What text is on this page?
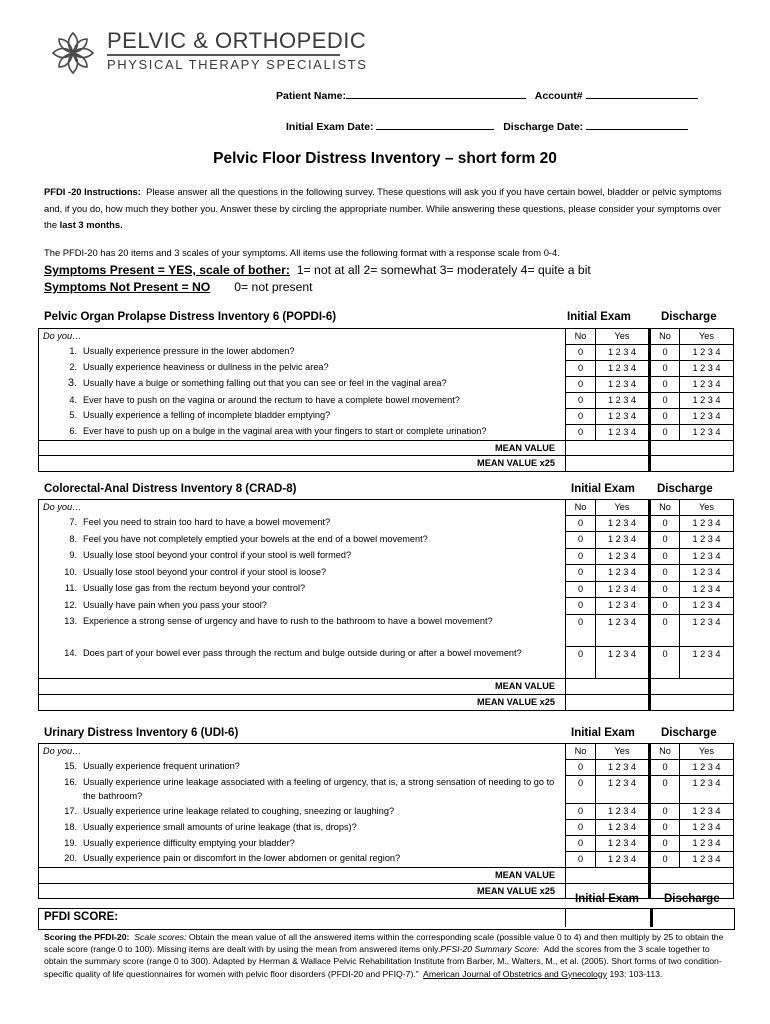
PELVIC & ORTHOPEDIC
PHYSICAL THERAPY SPECIALISTS
Patient Name:	Account#
Initial Exam Date:	Discharge Date:
Pelvic Floor Distress Inventory – short form 20
PFDI -20 Instructions: Please answer all the questions in the following survey. These questions will ask you if you have certain bowel, bladder or pelvic symptoms and, if you do, how much they bother you. Answer these by circling the appropriate number. While answering these questions, please consider your symptoms over the last 3 months.
The PFDI-20 has 20 items and 3 scales of your symptoms. All items use the following format with a response scale from 0-4.
Symptoms Present = YES, scale of bother: 1= not at all 2= somewhat 3= moderately 4= quite a bit
Symptoms Not Present = NO 0= not present
Pelvic Organ Prolapse Distress Inventory 6 (POPDI-6)	Initial Exam	Discharge
Colorectal-Anal Distress Inventory 8 (CRAD-8)	Initial Exam Discharge
Urinary Distress Inventory 6 (UDI-6)	Initial Exam Discharge
Do you…	No	Yes	No	Yes

1. Usually experience pressure in the lower abdomen?	0	1 2 3 4	0	1 2 3 4

2. Usually experience heaviness or dullness in the pelvic area?	0	1 2 3 4	0	1 2 3 4

3. Usually have a bulge or something falling out that you can see or feel in the vaginal area?	0	1 2 3 4	0	1 2 3 4

4. Ever have to push on the vagina or around the rectum to have a complete bowel movement?	0	1 2 3 4	0	1 2 3 4

5. Usually experience a felling of incomplete bladder emptying?	0	1 2 3 4	0	1 2 3 4

6. Ever have to push up on a bulge in the vaginal area with your fingers to start or complete urination?	0	1 2 3 4	0	1 2 3 4
MEAN VALUE				
MEAN VALUE x25				
Do you…	No	Yes	No	Yes

7. Feel you need to strain too hard to have a bowel movement?	0	1 2 3 4	0	1 2 3 4

8. Feel you have not completely emptied your bowels at the end of a bowel movement?	0	1 2 3 4	0	1 2 3 4

9. Usually lose stool beyond your control if your stool is well formed?	0	1 2 3 4	0	1 2 3 4

10. Usually lose stool beyond your control if your stool is loose?	0	1 2 3 4	0	1 2 3 4

11. Usually lose gas from the rectum beyond your control?	0	1 2 3 4	0	1 2 3 4

12. Usually have pain when you pass your stool?	0	1 2 3 4	0	1 2 3 4

13. Experience a strong sense of urgency and have to rush to the bathroom to have a bowel movement?	0	1 2 3 4	0	1 2 3 4

14. Does part of your bowel ever pass through the rectum and bulge outside during or after a bowel movement?	0	1 2 3 4	0	1 2 3 4
MEAN VALUE				
MEAN VALUE x25				
Do you…	No	Yes	No	Yes

15. Usually experience frequent urination?	0	1 2 3 4	0	1 2 3 4

16. Usually experience urine leakage associated with a feeling of urgency, that is, a strong sensation of needing to go to the bathroom?	0	1 2 3 4	0	1 2 3 4

17. Usually experience urine leakage related to coughing, sneezing or laughing?	0	1 2 3 4	0	1 2 3 4

18. Usually experience small amounts of urine leakage (that is, drops)?	0	1 2 3 4	0	1 2 3 4

19. Usually experience difficulty emptying your bladder?	0	1 2 3 4	0	1 2 3 4

20. Usually experience pain or discomfort in the lower abdomen or genital region?	0	1 2 3 4	0	1 2 3 4
MEAN VALUE				
MEAN VALUE x25				
Initial Exam Discharge
PFDI SCORE:
Scoring the PFDI-20: Scale scores: Obtain the mean value of all the answered items within the corresponding scale (possible value 0 to 4) and then multiply by 25 to obtain the scale score (range 0 to 100). Missing items are dealt with by using the mean from answered items only.PFSI-20 Summary Score: Add the scores from the 3 scale together to obtain the summary score (range 0 to 300). Adapted by Herman & Wallace Pelvic Rehabilitation Institute from Barber, M., Walters, M., et al. (2005). Short forms of two condition-specific quality of life questionnaires for women with pelvic floor disorders (PFDI-20 and PFIQ-7).” American Journal of Obstetrics and Gynecology 193: 103-113.
